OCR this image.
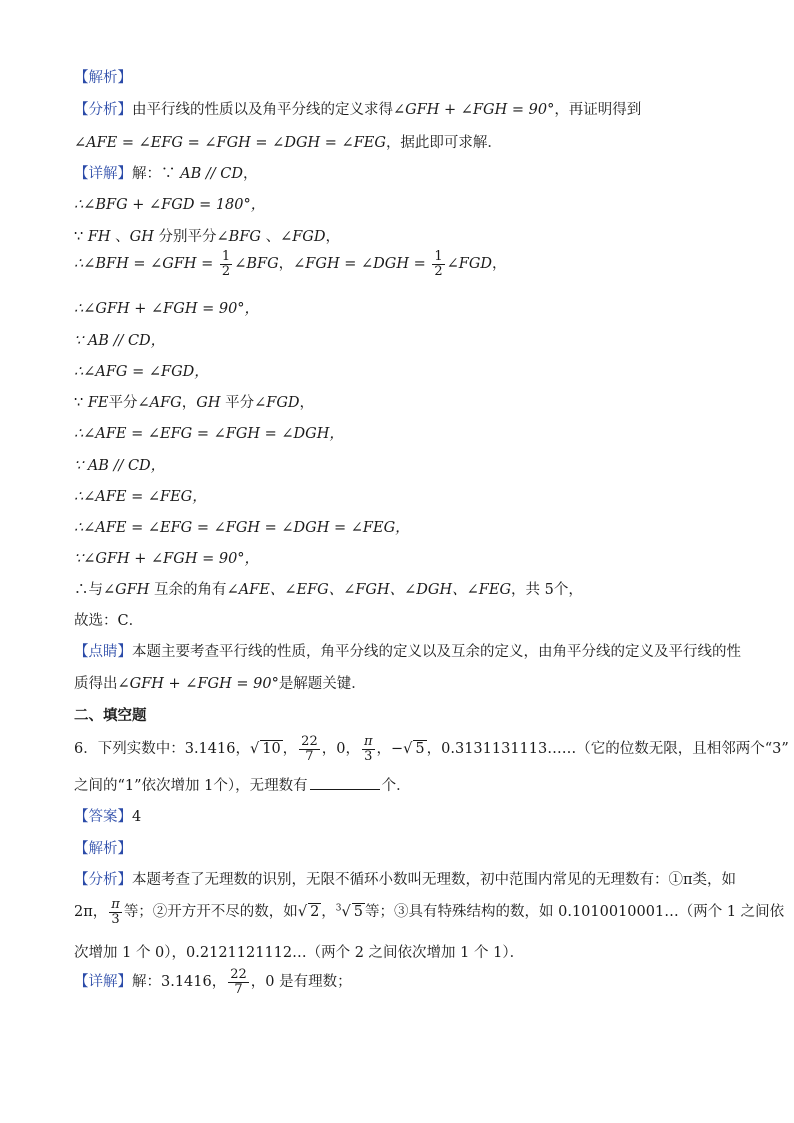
【解析】
【分析】由平行线的性质以及角平分线的定义求得∠GFH + ∠FGH = 90°，再证明得到
∠AFE = ∠EFG = ∠FGH = ∠DGH = ∠FEG，据此即可求解．
【详解】解：∵ AB // CD，
∴∠BFG + ∠FGD = 180°，
∵ FH 、GH 分别平分∠BFG 、∠FGD，
∴∠BFH = ∠GFH = $\frac{1}{2}$ ∠BFG，∠FGH = ∠DGH = $\frac{1}{2}$ ∠FGD，
∴∠GFH + ∠FGH = 90°，
∵ AB // CD，
∴∠AFG = ∠FGD，
∵ FE平分∠AFG，GH 平分∠FGD，
∴∠AFE = ∠EFG = ∠FGH = ∠DGH，
∵ AB // CD，
∴∠AFE = ∠FEG，
∴∠AFE = ∠EFG = ∠FGH = ∠DGH = ∠FEG，
∵∠GFH + ∠FGH = 90°，
∴与∠GFH 互余的角有∠AFE、∠EFG、∠FGH、∠DGH、∠FEG，共 5个，
故选：C．
【点睛】本题主要考查平行线的性质，角平分线的定义以及互余的定义，由角平分线的定义及平行线的性
质得出∠GFH + ∠FGH = 90°是解题关键．
二、填空题
6．下列实数中：3.1416，√ 10 ， $\frac{22}{7}$ ，0， $\frac{\pi}{3}$ ，−√ 5 ，0.3131131113……（它的位数无限，且相邻两个“3”
之间的“1”依次增加 1个），无理数有	个．
【答案】4
【解析】
【分析】本题考查了无理数的识别，无限不循环小数叫无理数，初中范围内常见的无理数有：①π类，如
2π， $\frac{\pi}{3}$ 等；②开方开不尽的数，如√ 2 ，$^3$√ 5 等；③具有特殊结构的数，如 0.1010010001…（两个 1 之间依
次增加 1 个 0），0.2121121112…（两个 2 之间依次增加 1 个 1）．
【详解】解：3.1416， $\frac{22}{7}$ ，0 是有理数；
